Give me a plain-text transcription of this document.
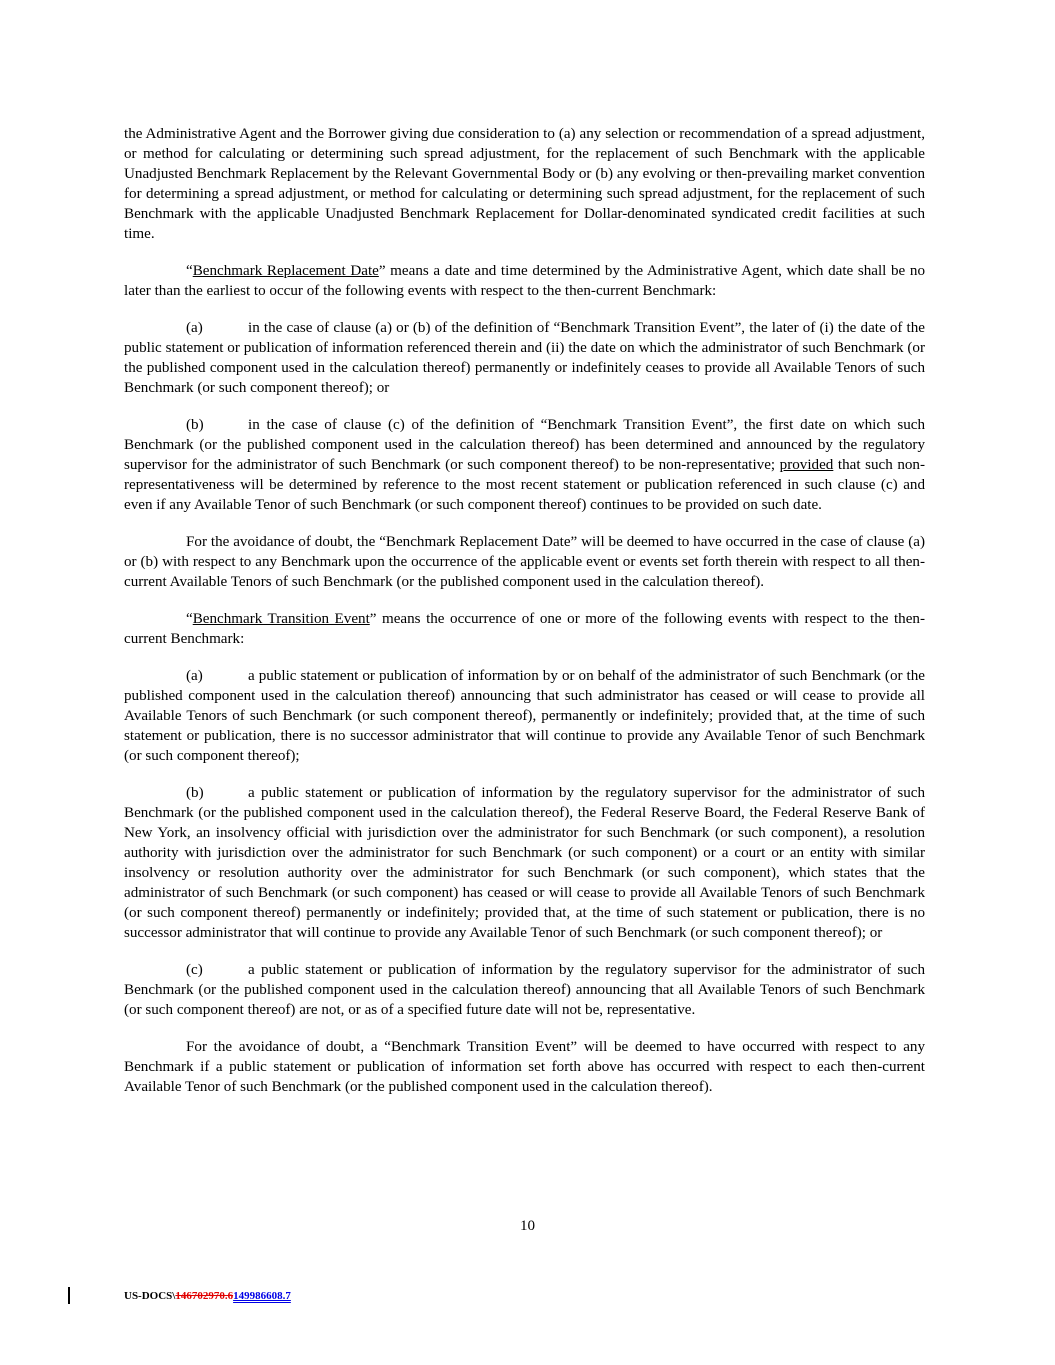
the Administrative Agent and the Borrower giving due consideration to (a) any selection or recommendation of a spread adjustment, or method for calculating or determining such spread adjustment, for the replacement of such Benchmark with the applicable Unadjusted Benchmark Replacement by the Relevant Governmental Body or (b) any evolving or then-prevailing market convention for determining a spread adjustment, or method for calculating or determining such spread adjustment, for the replacement of such Benchmark with the applicable Unadjusted Benchmark Replacement for Dollar-denominated syndicated credit facilities at such time.

“Benchmark Replacement Date” means a date and time determined by the Administrative Agent, which date shall be no later than the earliest to occur of the following events with respect to the then-current Benchmark:

(a)	in the case of clause (a) or (b) of the definition of “Benchmark Transition Event”, the later of (i) the date of the public statement or publication of information referenced therein and (ii) the date on which the administrator of such Benchmark (or the published component used in the calculation thereof) permanently or indefinitely ceases to provide all Available Tenors of such Benchmark (or such component thereof); or

(b)	in the case of clause (c) of the definition of “Benchmark Transition Event”, the first date on which such Benchmark (or the published component used in the calculation thereof) has been determined and announced by the regulatory supervisor for the administrator of such Benchmark (or such component thereof) to be non-representative; provided that such non-representativeness will be determined by reference to the most recent statement or publication referenced in such clause (c) and even if any Available Tenor of such Benchmark (or such component thereof) continues to be provided on such date.

For the avoidance of doubt, the “Benchmark Replacement Date” will be deemed to have occurred in the case of clause (a) or (b) with respect to any Benchmark upon the occurrence of the applicable event or events set forth therein with respect to all then-current Available Tenors of such Benchmark (or the published component used in the calculation thereof).

“Benchmark Transition Event” means the occurrence of one or more of the following events with respect to the then-current Benchmark:

(a)	a public statement or publication of information by or on behalf of the administrator of such Benchmark (or the published component used in the calculation thereof) announcing that such administrator has ceased or will cease to provide all Available Tenors of such Benchmark (or such component thereof), permanently or indefinitely; provided that, at the time of such statement or publication, there is no successor administrator that will continue to provide any Available Tenor of such Benchmark (or such component thereof);

(b)	a public statement or publication of information by the regulatory supervisor for the administrator of such Benchmark (or the published component used in the calculation thereof), the Federal Reserve Board, the Federal Reserve Bank of New York, an insolvency official with jurisdiction over the administrator for such Benchmark (or such component), a resolution authority with jurisdiction over the administrator for such Benchmark (or such component) or a court or an entity with similar insolvency or resolution authority over the administrator for such Benchmark (or such component), which states that the administrator of such Benchmark (or such component) has ceased or will cease to provide all Available Tenors of such Benchmark (or such component thereof) permanently or indefinitely; provided that, at the time of such statement or publication, there is no successor administrator that will continue to provide any Available Tenor of such Benchmark (or such component thereof); or

(c)	a public statement or publication of information by the regulatory supervisor for the administrator of such Benchmark (or the published component used in the calculation thereof) announcing that all Available Tenors of such Benchmark (or such component thereof) are not, or as of a specified future date will not be, representative.

For the avoidance of doubt, a “Benchmark Transition Event” will be deemed to have occurred with respect to any Benchmark if a public statement or publication of information set forth above has occurred with respect to each then-current Available Tenor of such Benchmark (or the published component used in the calculation thereof).

10
US-DOCS\146702970.6149986608.7
